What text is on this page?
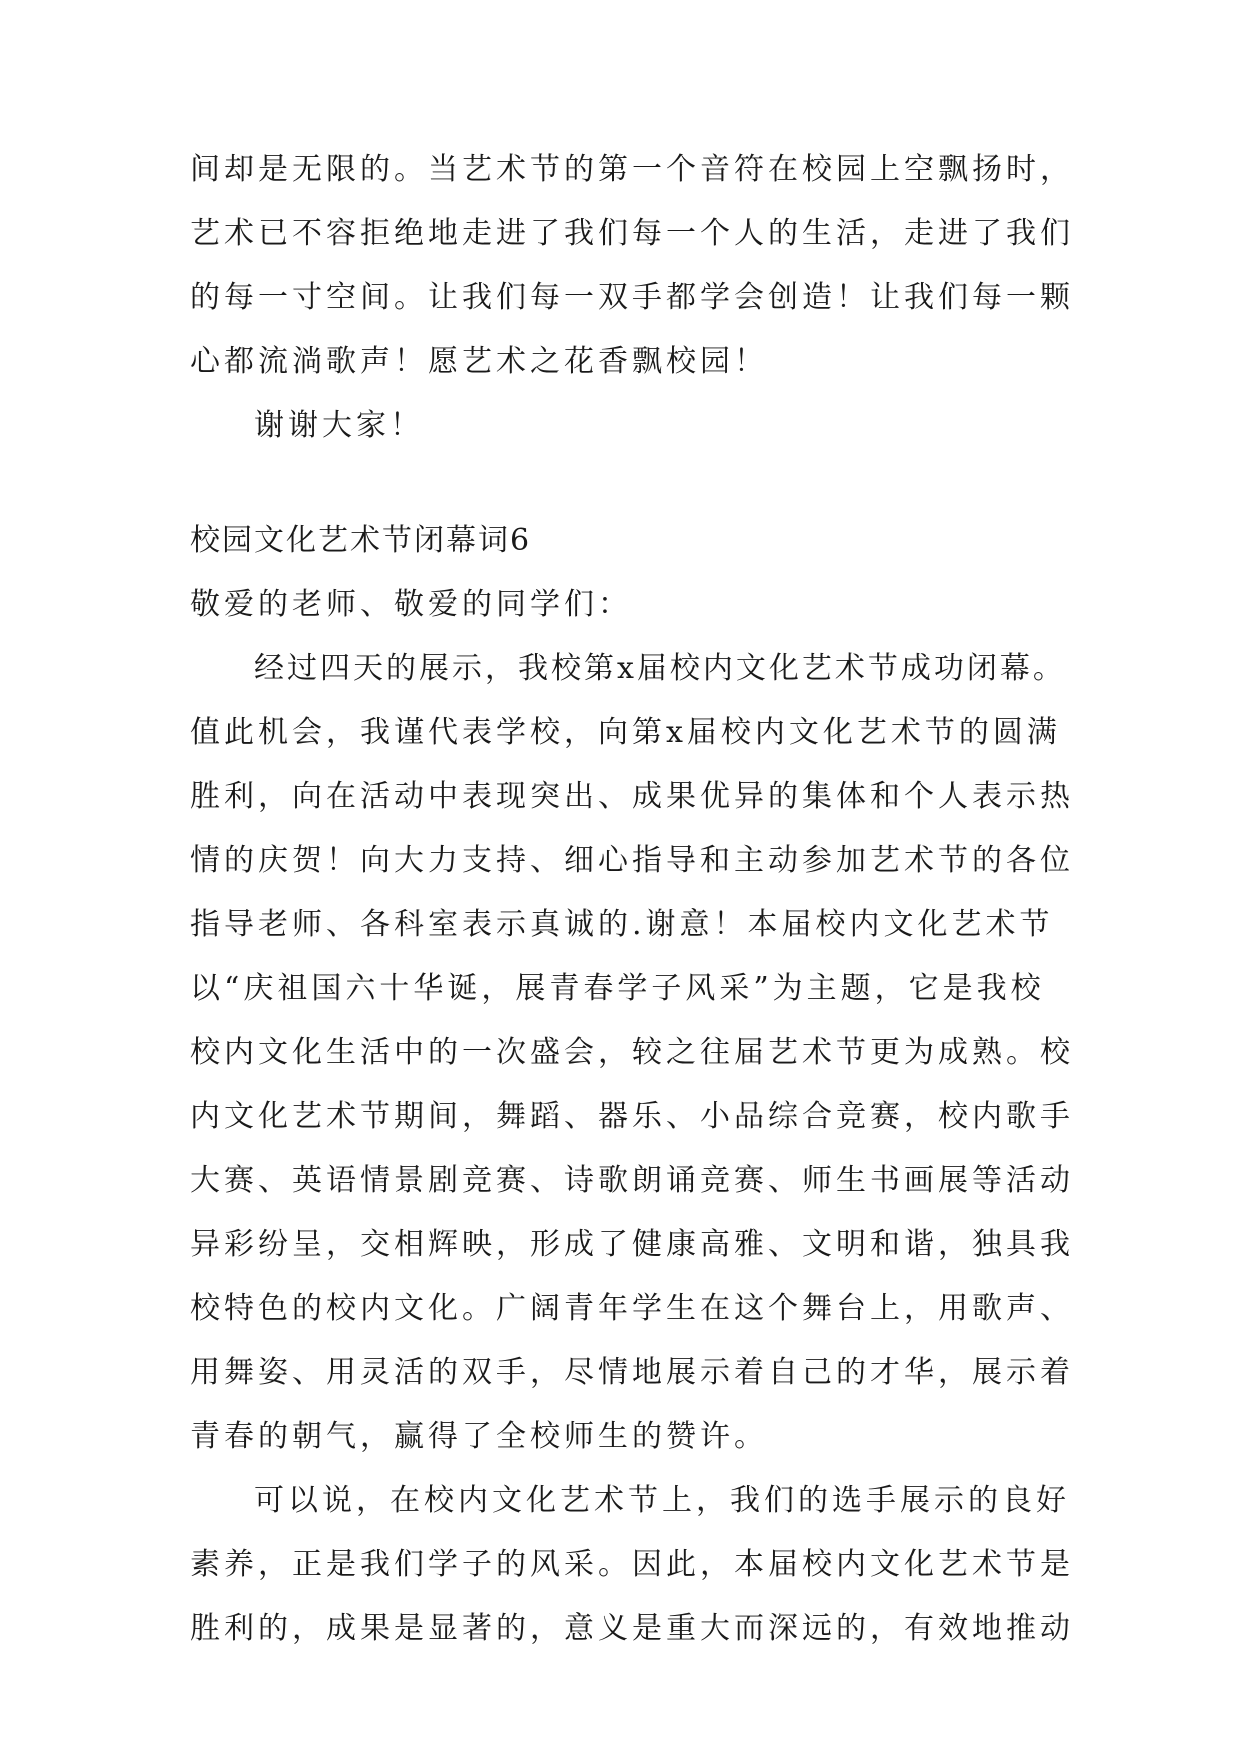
间却是无限的。当艺术节的第一个音符在校园上空飘扬时，
艺术已不容拒绝地走进了我们每一个人的生活，走进了我们
的每一寸空间。让我们每一双手都学会创造！让我们每一颗
心都流淌歌声！愿艺术之花香飘校园！
谢谢大家！
校园文化艺术节闭幕词6
敬爱的老师、敬爱的同学们：
经过四天的展示，我校第x届校内文化艺术节成功闭幕。
值此机会，我谨代表学校，向第x届校内文化艺术节的圆满
胜利，向在活动中表现突出、成果优异的集体和个人表示热
情的庆贺！向大力支持、细心指导和主动参加艺术节的各位
指导老师、各科室表示真诚的.谢意！本届校内文化艺术节
以“庆祖国六十华诞，展青春学子风采”为主题，它是我校
校内文化生活中的一次盛会，较之往届艺术节更为成熟。校
内文化艺术节期间，舞蹈、器乐、小品综合竞赛，校内歌手
大赛、英语情景剧竞赛、诗歌朗诵竞赛、师生书画展等活动
异彩纷呈，交相辉映，形成了健康高雅、文明和谐，独具我
校特色的校内文化。广阔青年学生在这个舞台上，用歌声、
用舞姿、用灵活的双手，尽情地展示着自己的才华，展示着
青春的朝气，赢得了全校师生的赞许。
可以说，在校内文化艺术节上，我们的选手展示的良好
素养，正是我们学子的风采。因此，本届校内文化艺术节是
胜利的，成果是显著的，意义是重大而深远的，有效地推动
